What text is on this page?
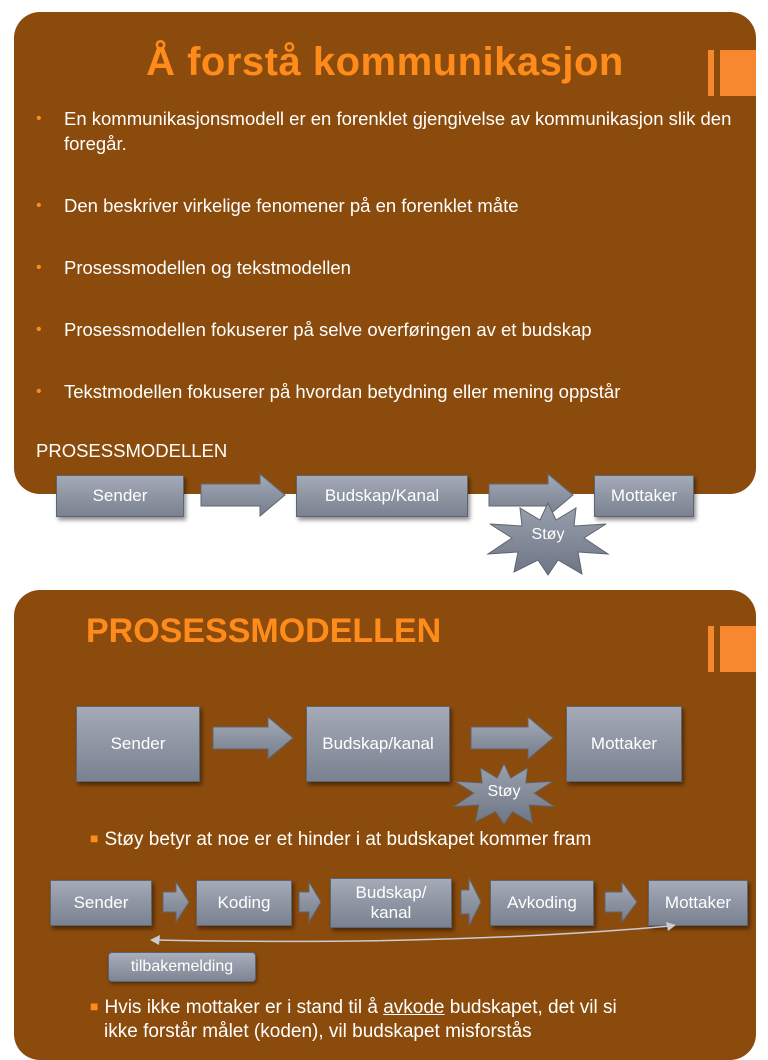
Å forstå kommunikasjon
• En kommunikasjonsmodell er en forenklet gjengivelse av kommunikasjon slik den foregår.
• Den beskriver virkelige fenomener på en forenklet måte
• Prosessmodellen og tekstmodellen
• Prosessmodellen fokuserer på selve overføringen av et budskap
• Tekstmodellen fokuserer på hvordan betydning eller mening oppstår
PROSESSMODELLEN
Sender	Budskap/Kanal	Mottaker
Støy
PROSESSMODELLEN
Sender	Budskap/kanal	Mottaker
Støy
■ Støy betyr at noe er et hinder i at budskapet kommer fram
Sender	Koding
Budskap/
kanal
Avkoding	Mottaker
tilbakemelding
■ Hvis ikke mottaker er i stand til å avkode budskapet, det vil si
ikke forstår målet (koden), vil budskapet misforstås
